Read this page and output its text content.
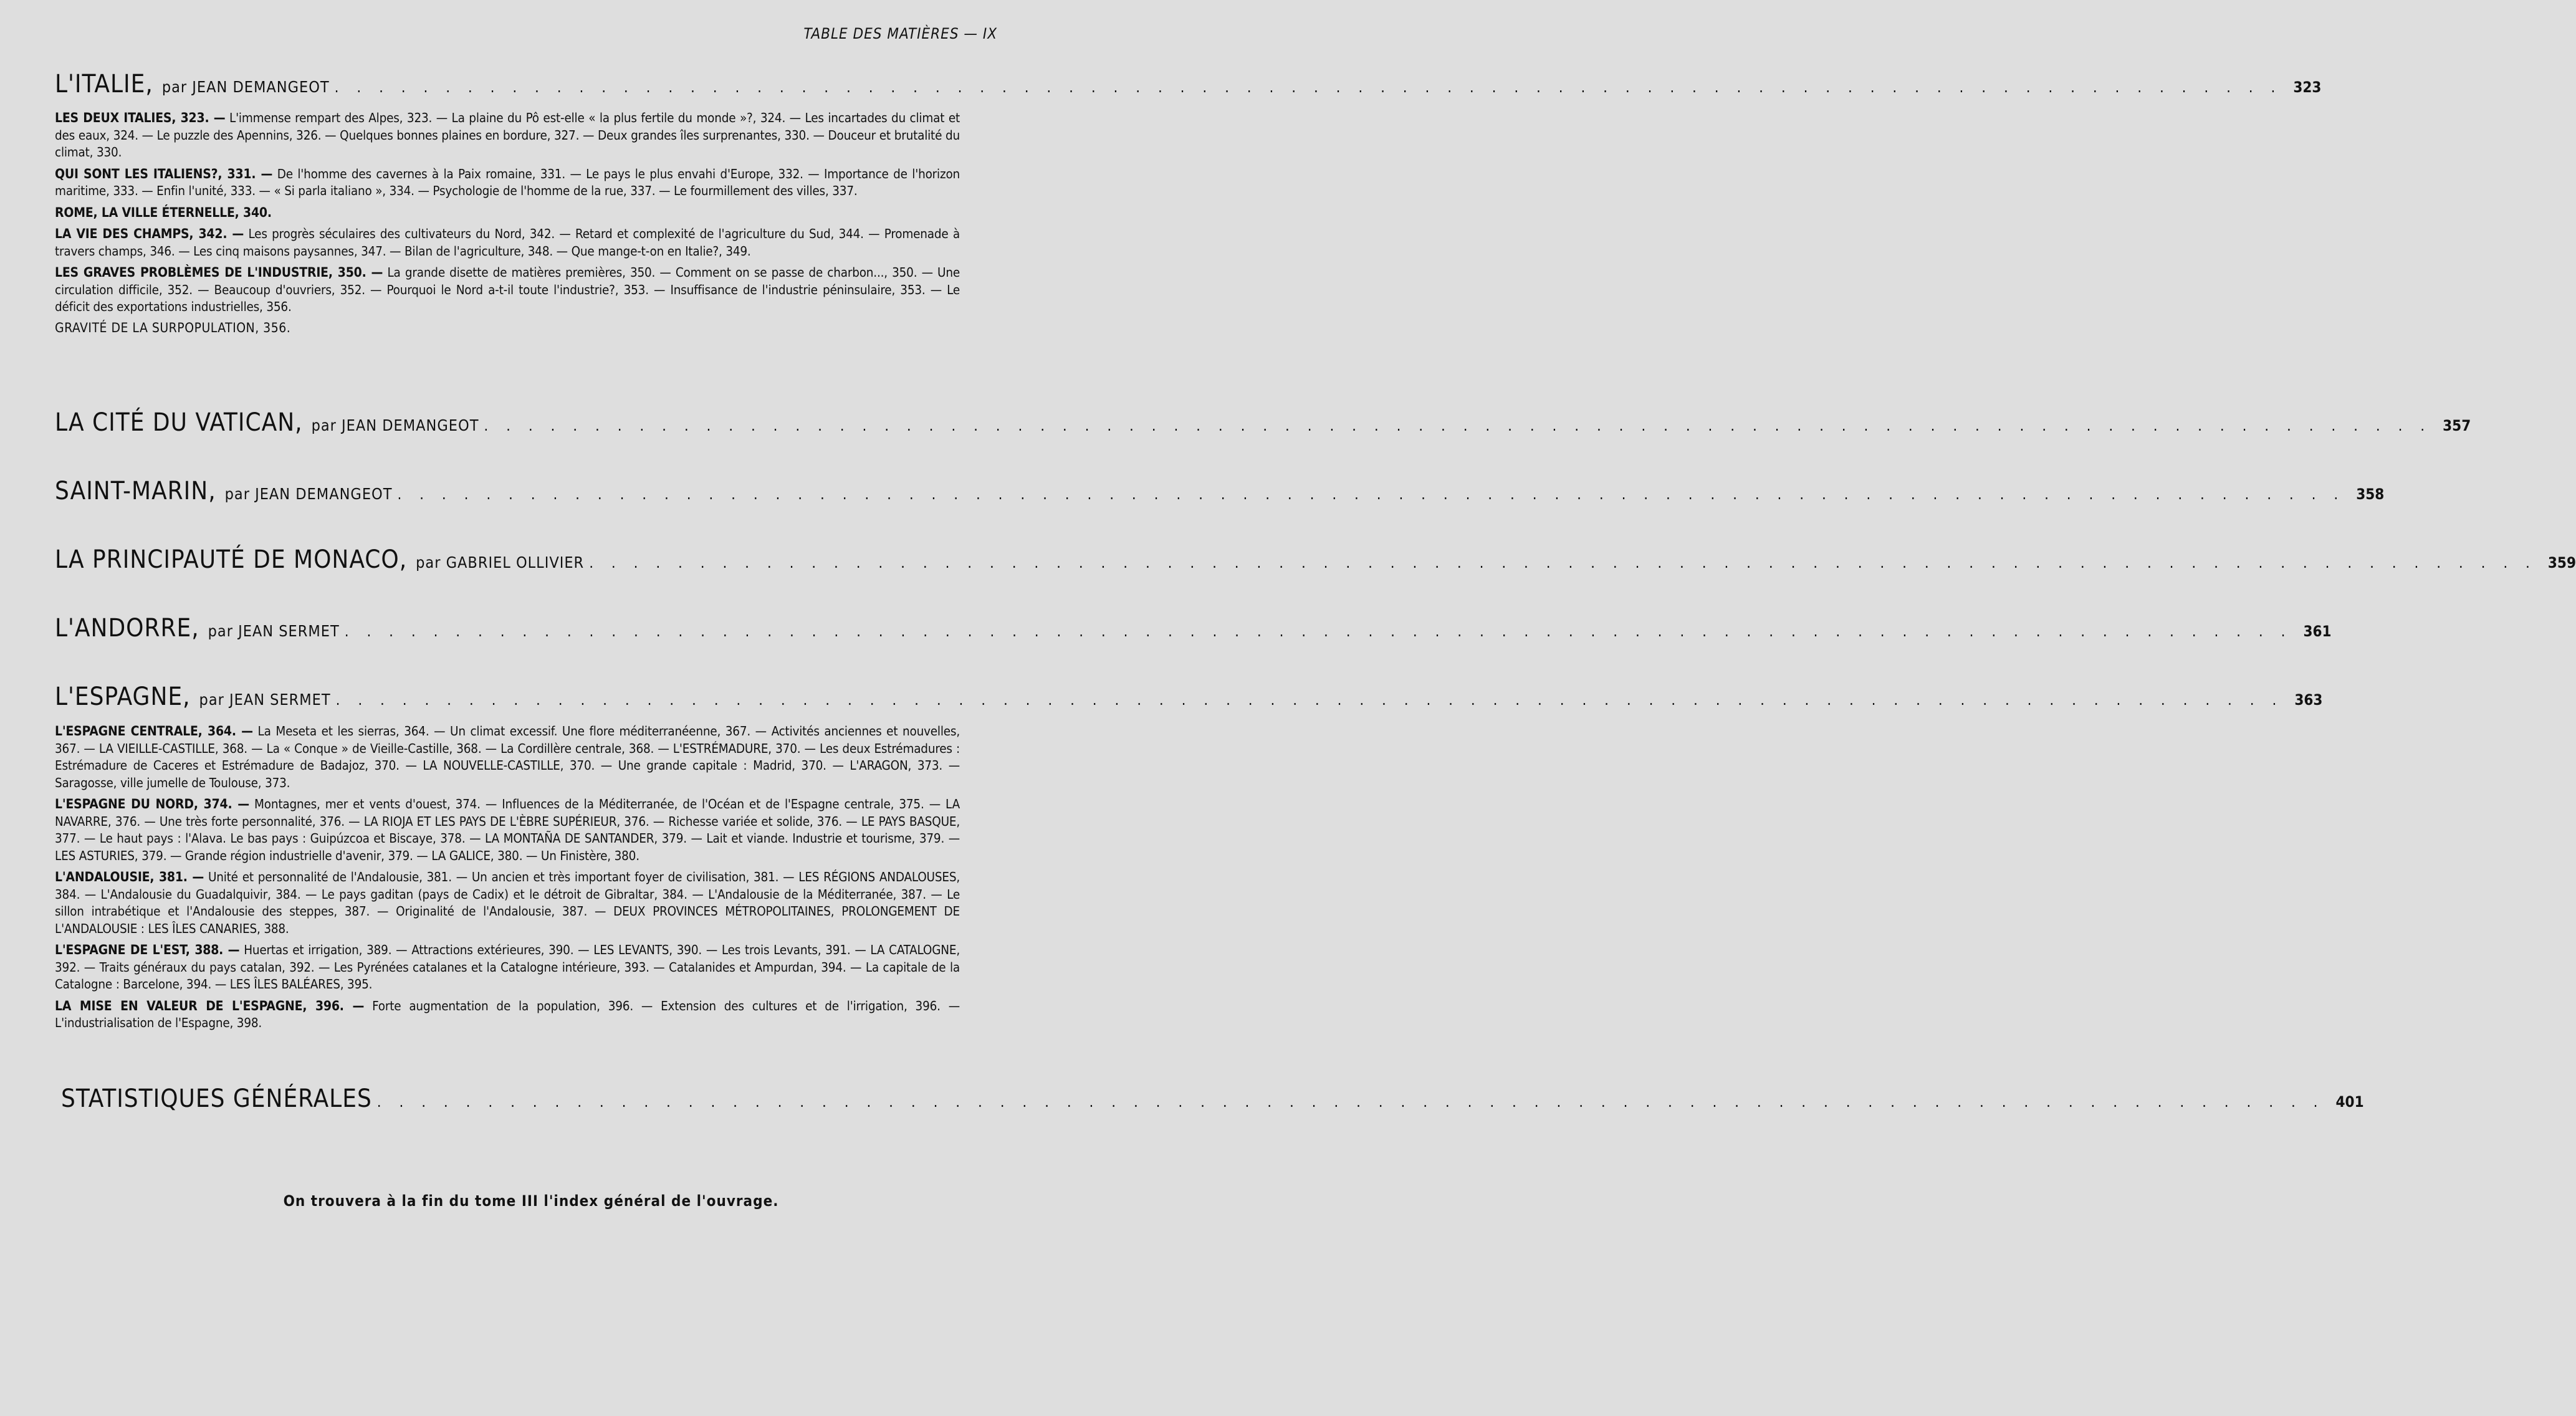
TABLE DES MATIÈRES — IX
L'ITALIE, par JEAN DEMANGEOT . . . . . . . . . . . . . . . . . . . . . . . . . . . . . . . . . . . . . . . . . . . . . . . . . . . . . . . . . . . . . . . . . . . . . . . . . . . . . . . . . . . . . . . . 323

LES DEUX ITALIES, 323. — L'immense rempart des Alpes, 323. — La plaine du Pô est-elle « la plus fertile du monde »?, 324. — Les incartades du climat et des eaux, 324. — Le puzzle des Apennins, 326. — Quelques bonnes plaines en bordure, 327. — Deux grandes îles surprenantes, 330. — Douceur et brutalité du climat, 330.

QUI SONT LES ITALIENS?, 331. — De l'homme des cavernes à la Paix romaine, 331. — Le pays le plus envahi d'Europe, 332. — Importance de l'horizon maritime, 333. — Enfin l'unité, 333. — « Si parla italiano », 334. — Psychologie de l'homme de la rue, 337. — Le fourmillement des villes, 337.

ROME, LA VILLE ÉTERNELLE, 340.

LA VIE DES CHAMPS, 342. — Les progrès séculaires des cultivateurs du Nord, 342. — Retard et complexité de l'agriculture du Sud, 344. — Promenade à travers champs, 346. — Les cinq maisons paysannes, 347. — Bilan de l'agriculture, 348. — Que mange-t-on en Italie?, 349.

LES GRAVES PROBLÈMES DE L'INDUSTRIE, 350. — La grande disette de matières premières, 350. — Comment on se passe de charbon..., 350. — Une circulation difficile, 352. — Beaucoup d'ouvriers, 352. — Pourquoi le Nord a-t-il toute l'industrie?, 353. — Insuffisance de l'industrie péninsulaire, 353. — Le déficit des exportations industrielles, 356.

GRAVITÉ DE LA SURPOPULATION, 356.

LA CITÉ DU VATICAN, par JEAN DEMANGEOT . . . . . . . . . . . . . . . . . . . . . . . . . . . . . . . . . . . . . . . . . . . . . . . . . . . . . . . . . . . . . . . . . . . . . . . . . . . . . . . . . . . . . . . . 357
SAINT-MARIN, par JEAN DEMANGEOT . . . . . . . . . . . . . . . . . . . . . . . . . . . . . . . . . . . . . . . . . . . . . . . . . . . . . . . . . . . . . . . . . . . . . . . . . . . . . . . . . . . . . . . . 358
LA PRINCIPAUTÉ DE MONACO, par GABRIEL OLLIVIER . . . . . . . . . . . . . . . . . . . . . . . . . . . . . . . . . . . . . . . . . . . . . . . . . . . . . . . . . . . . . . . . . . . . . . . . . . . . . . . . . . . . . . . . 359
L'ANDORRE, par JEAN SERMET . . . . . . . . . . . . . . . . . . . . . . . . . . . . . . . . . . . . . . . . . . . . . . . . . . . . . . . . . . . . . . . . . . . . . . . . . . . . . . . . . . . . . . . . 361
L'ESPAGNE, par JEAN SERMET . . . . . . . . . . . . . . . . . . . . . . . . . . . . . . . . . . . . . . . . . . . . . . . . . . . . . . . . . . . . . . . . . . . . . . . . . . . . . . . . . . . . . . . . 363

L'ESPAGNE CENTRALE, 364. — La Meseta et les sierras, 364. — Un climat excessif. Une flore méditerranéenne, 367. — Activités anciennes et nouvelles, 367. — LA VIEILLE-CASTILLE, 368. — La « Conque » de Vieille-Castille, 368. — La Cordillère centrale, 368. — L'ESTRÉMADURE, 370. — Les deux Estrémadures : Estrémadure de Caceres et Estrémadure de Badajoz, 370. — LA NOUVELLE-CASTILLE, 370. — Une grande capitale : Madrid, 370. — L'ARAGON, 373. — Saragosse, ville jumelle de Toulouse, 373.

L'ESPAGNE DU NORD, 374. — Montagnes, mer et vents d'ouest, 374. — Influences de la Méditerranée, de l'Océan et de l'Espagne centrale, 375. — LA NAVARRE, 376. — Une très forte personnalité, 376. — LA RIOJA ET LES PAYS DE L'ÈBRE SUPÉRIEUR, 376. — Richesse variée et solide, 376. — LE PAYS BASQUE, 377. — Le haut pays : l'Alava. Le bas pays : Guipúzcoa et Biscaye, 378. — LA MONTAÑA DE SANTANDER, 379. — Lait et viande. Industrie et tourisme, 379. — LES ASTURIES, 379. — Grande région industrielle d'avenir, 379. — LA GALICE, 380. — Un Finistère, 380.

L'ANDALOUSIE, 381. — Unité et personnalité de l'Andalousie, 381. — Un ancien et très important foyer de civilisation, 381. — LES RÉGIONS ANDALOUSES, 384. — L'Andalousie du Guadalquivir, 384. — Le pays gaditan (pays de Cadix) et le détroit de Gibraltar, 384. — L'Andalousie de la Méditerranée, 387. — Le sillon intrabétique et l'Andalousie des steppes, 387. — Originalité de l'Andalousie, 387. — DEUX PROVINCES MÉTROPOLITAINES, PROLONGEMENT DE L'ANDALOUSIE : LES ÎLES CANARIES, 388.

L'ESPAGNE DE L'EST, 388. — Huertas et irrigation, 389. — Attractions extérieures, 390. — LES LEVANTS, 390. — Les trois Levants, 391. — LA CATALOGNE, 392. — Traits généraux du pays catalan, 392. — Les Pyrénées catalanes et la Catalogne intérieure, 393. — Catalanides et Ampurdan, 394. — La capitale de la Catalogne : Barcelone, 394. — LES ÎLES BALÉARES, 395.

LA MISE EN VALEUR DE L'ESPAGNE, 396. — Forte augmentation de la population, 396. — Extension des cultures et de l'irrigation, 396. — L'industrialisation de l'Espagne, 398.

STATISTIQUES GÉNÉRALES . . . . . . . . . . . . . . . . . . . . . . . . . . . . . . . . . . . . . . . . . . . . . . . . . . . . . . . . . . . . . . . . . . . . . . . . . . . . . . . . . . . . . . . . 401
On trouvera à la fin du tome III l'index général de l'ouvrage.
